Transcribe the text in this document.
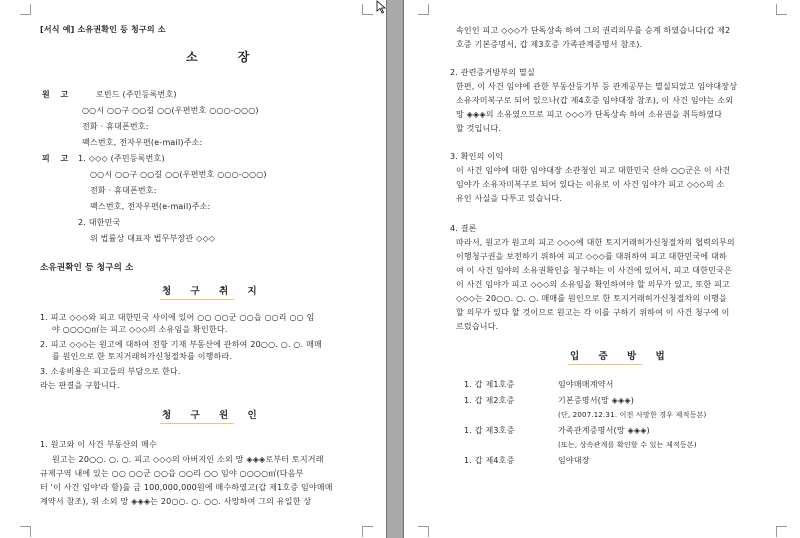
[서식 예] 소유권확인 등 청구의 소
소 장
원 고	로빈드 (주민등록번호)
○○시 ○○구 ○○길 ○○(우편번호 ○○○-○○○)
전화 · 휴대폰번호:
팩스번호, 전자우편(e-mail)주소:
피 고 1. ◇◇◇ (주민등록번호)
○○시 ○○구 ○○길 ○○(우편번호 ○○○-○○○)
전화 · 휴대폰번호:
팩스번호, 전자우편(e-mail)주소:
2. 대한민국
위 법률상 대표자 법무부장관 ◇◇◇
소유권확인 등 청구의 소
청 구 취 지
1. 피고 ◇◇◇와 피고 대한민국 사이에 있어 ○○ ○○군 ○○읍 ○○리 ○○ 임
야 ○○○○㎡는 피고 ◇◇◇의 소유임을 확인한다.
2. 피고 ◇◇◇는 원고에 대하여 전항 기재 부동산에 관하여 20○○. ○. ○. 매매
를 원인으로 한 토지거래허가신청절차를 이행하라.
3. 소송비용은 피고들의 부담으로 한다.
라는 판결을 구합니다.
청 구 원 인
1. 원고와 이 사건 부동산의 매수
원고는 20○○. ○. ○. 피고 ◇◇◇의 아버지인 소외 망 ◈◈◈로부터 토지거래
규제구역 내에 있는 ○○ ○○군 ○○읍 ○○리 ○○ 임야 ○○○○㎡(다음부
터 '이 사건 임야'라 함)를 금 100,000,000원에 매수하였고(갑 제1호증 임야매매
계약서 참조), 위 소외 망 ◈◈◈는 20○○. ○. ○○. 사망하여 그의 유일한 상
속인인 피고 ◇◇◇가 단독상속 하여 그의 권리의무를 승계 하였습니다(갑 제2
호증 기본증명서, 갑 제3호증 가족관계증명서 참조).
2. 관련증거방부의 멸실
한편, 이 사건 임야에 관한 부동산등기부 등 관계공부는 멸실되었고 임야대장상
소유자미복구로 되어 있으나(갑 제4호증 임야대장 참조), 이 사건 임야는 소외
망 ◈◈◈의 소유였으므로 피고 ◇◇◇가 단독상속 하여 소유권을 취득하였다
할 것입니다.
3. 확인의 이익
이 사건 임야에 대한 임야대장 소관청인 피고 대한민국 산하 ○○군은 이 사건
임야가 소유자미복구로 되어 있다는 이유로 이 사건 임야가 피고 ◇◇◇의 소
유인 사실을 다투고 있습니다.
4. 결론
따라서, 원고가 원고의 피고 ◇◇◇에 대한 토지거래허가신청절차의 협력의무의
이행청구권을 보전하기 위하여 피고 ◇◇◇를 대위하여 피고 대한민국에 대하
여 이 사건 임야의 소유권확인을 청구하는 이 사건에 있어서, 피고 대한민국은
이 사건 임야가 피고 ◇◇◇의 소유임을 확인하여야 할 의무가 있고, 또한 피고
◇◇◇는 20○○. ○. ○. 매매를 원인으로 한 토지거래허가신청절차의 이행을
할 의무가 있다 할 것이므로 원고는 각 이를 구하기 위하여 이 사건 청구에 이
르렀습니다.
입 증 방 법
1. 갑 제1호증	임야매매계약서
1. 갑 제2호증	기본증명서(망 ◈◈◈)
(단, 2007.12.31. 이전 사망한 경우 제적등본)
1. 갑 제3호증	가족관계증명서(망 ◈◈◈)
(또는, 상속관계를 확인할 수 있는 제적등본)
1. 갑 제4호증	임야대장
